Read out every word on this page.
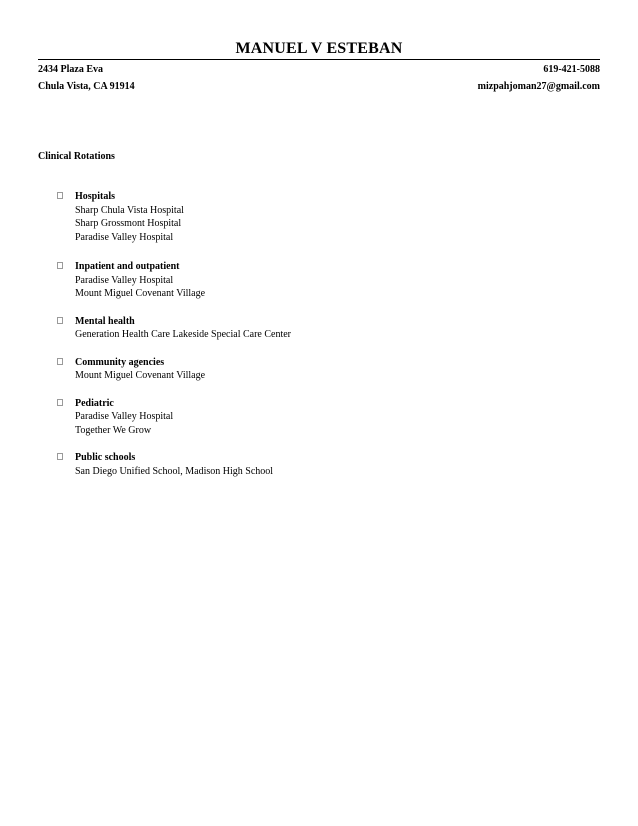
MANUEL V ESTEBAN
2434 Plaza Eva	619-421-5088
Chula Vista, CA 91914	mizpahjoman27@gmail.com
Clinical Rotations
Hospitals
Sharp Chula Vista Hospital
Sharp Grossmont Hospital
Paradise Valley Hospital
Inpatient and outpatient
Paradise Valley Hospital
Mount Miguel Covenant Village
Mental health
Generation Health Care Lakeside Special Care Center
Community agencies
Mount Miguel Covenant Village
Pediatric
Paradise Valley Hospital
Together We Grow
Public schools
San Diego Unified School, Madison High School
